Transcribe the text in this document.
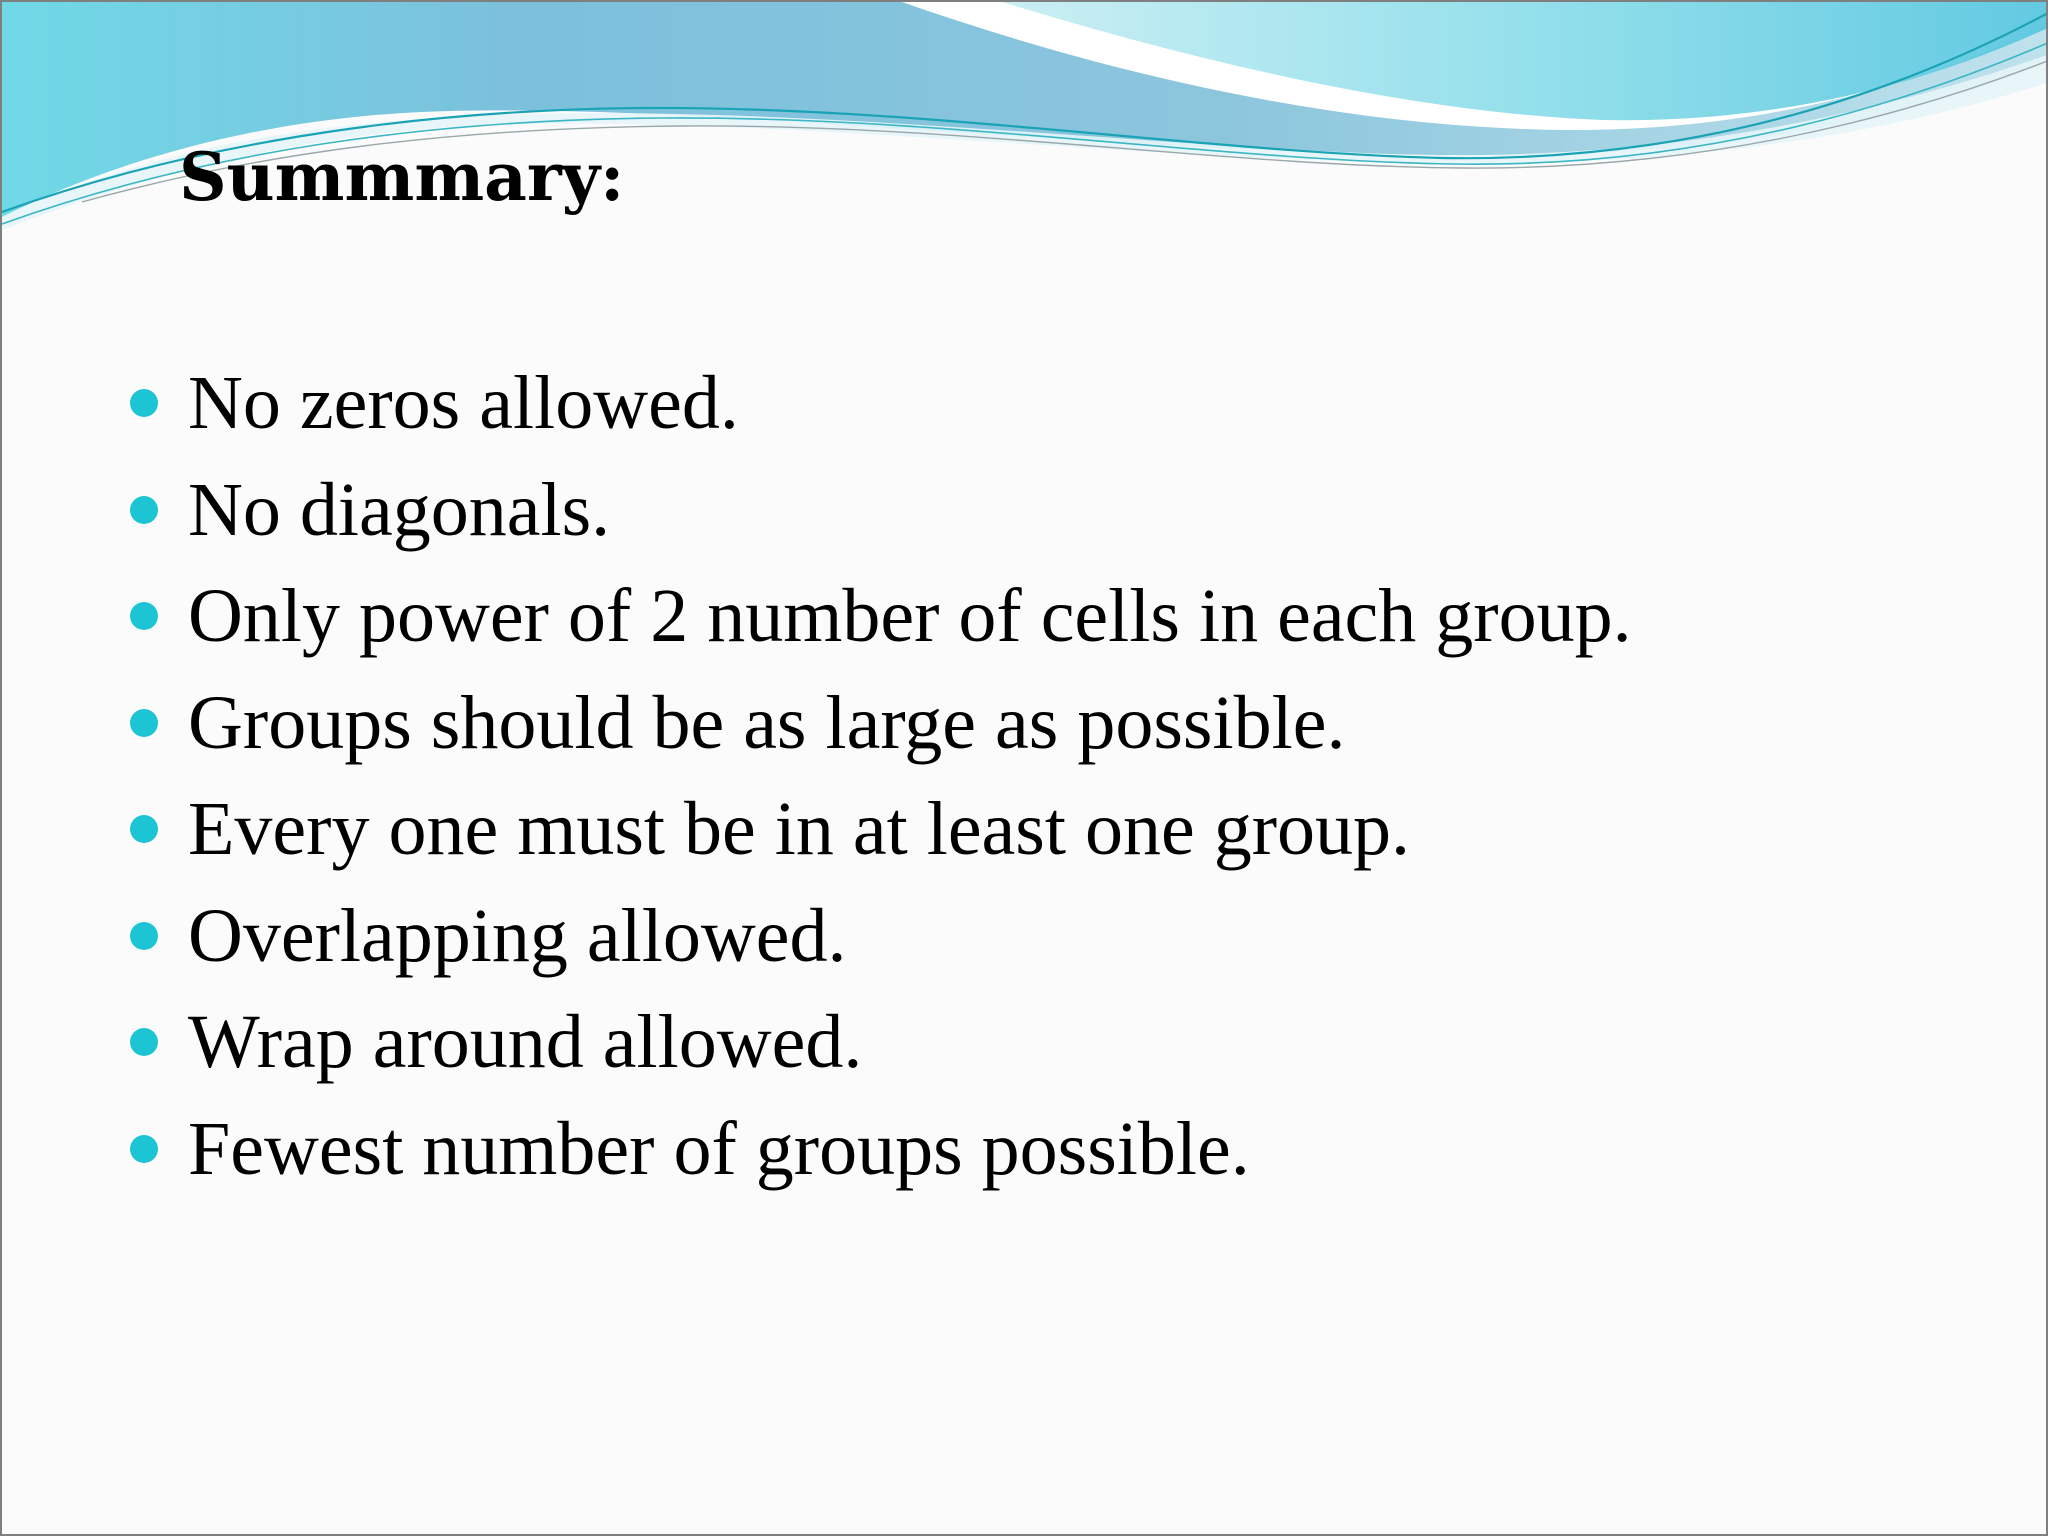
Summmary:
No zeros allowed.
No diagonals.
Only power of 2 number of cells in each group.
Groups should be as large as possible.
Every one must be in at least one group.
Overlapping allowed.
Wrap around allowed.
Fewest number of groups possible.
